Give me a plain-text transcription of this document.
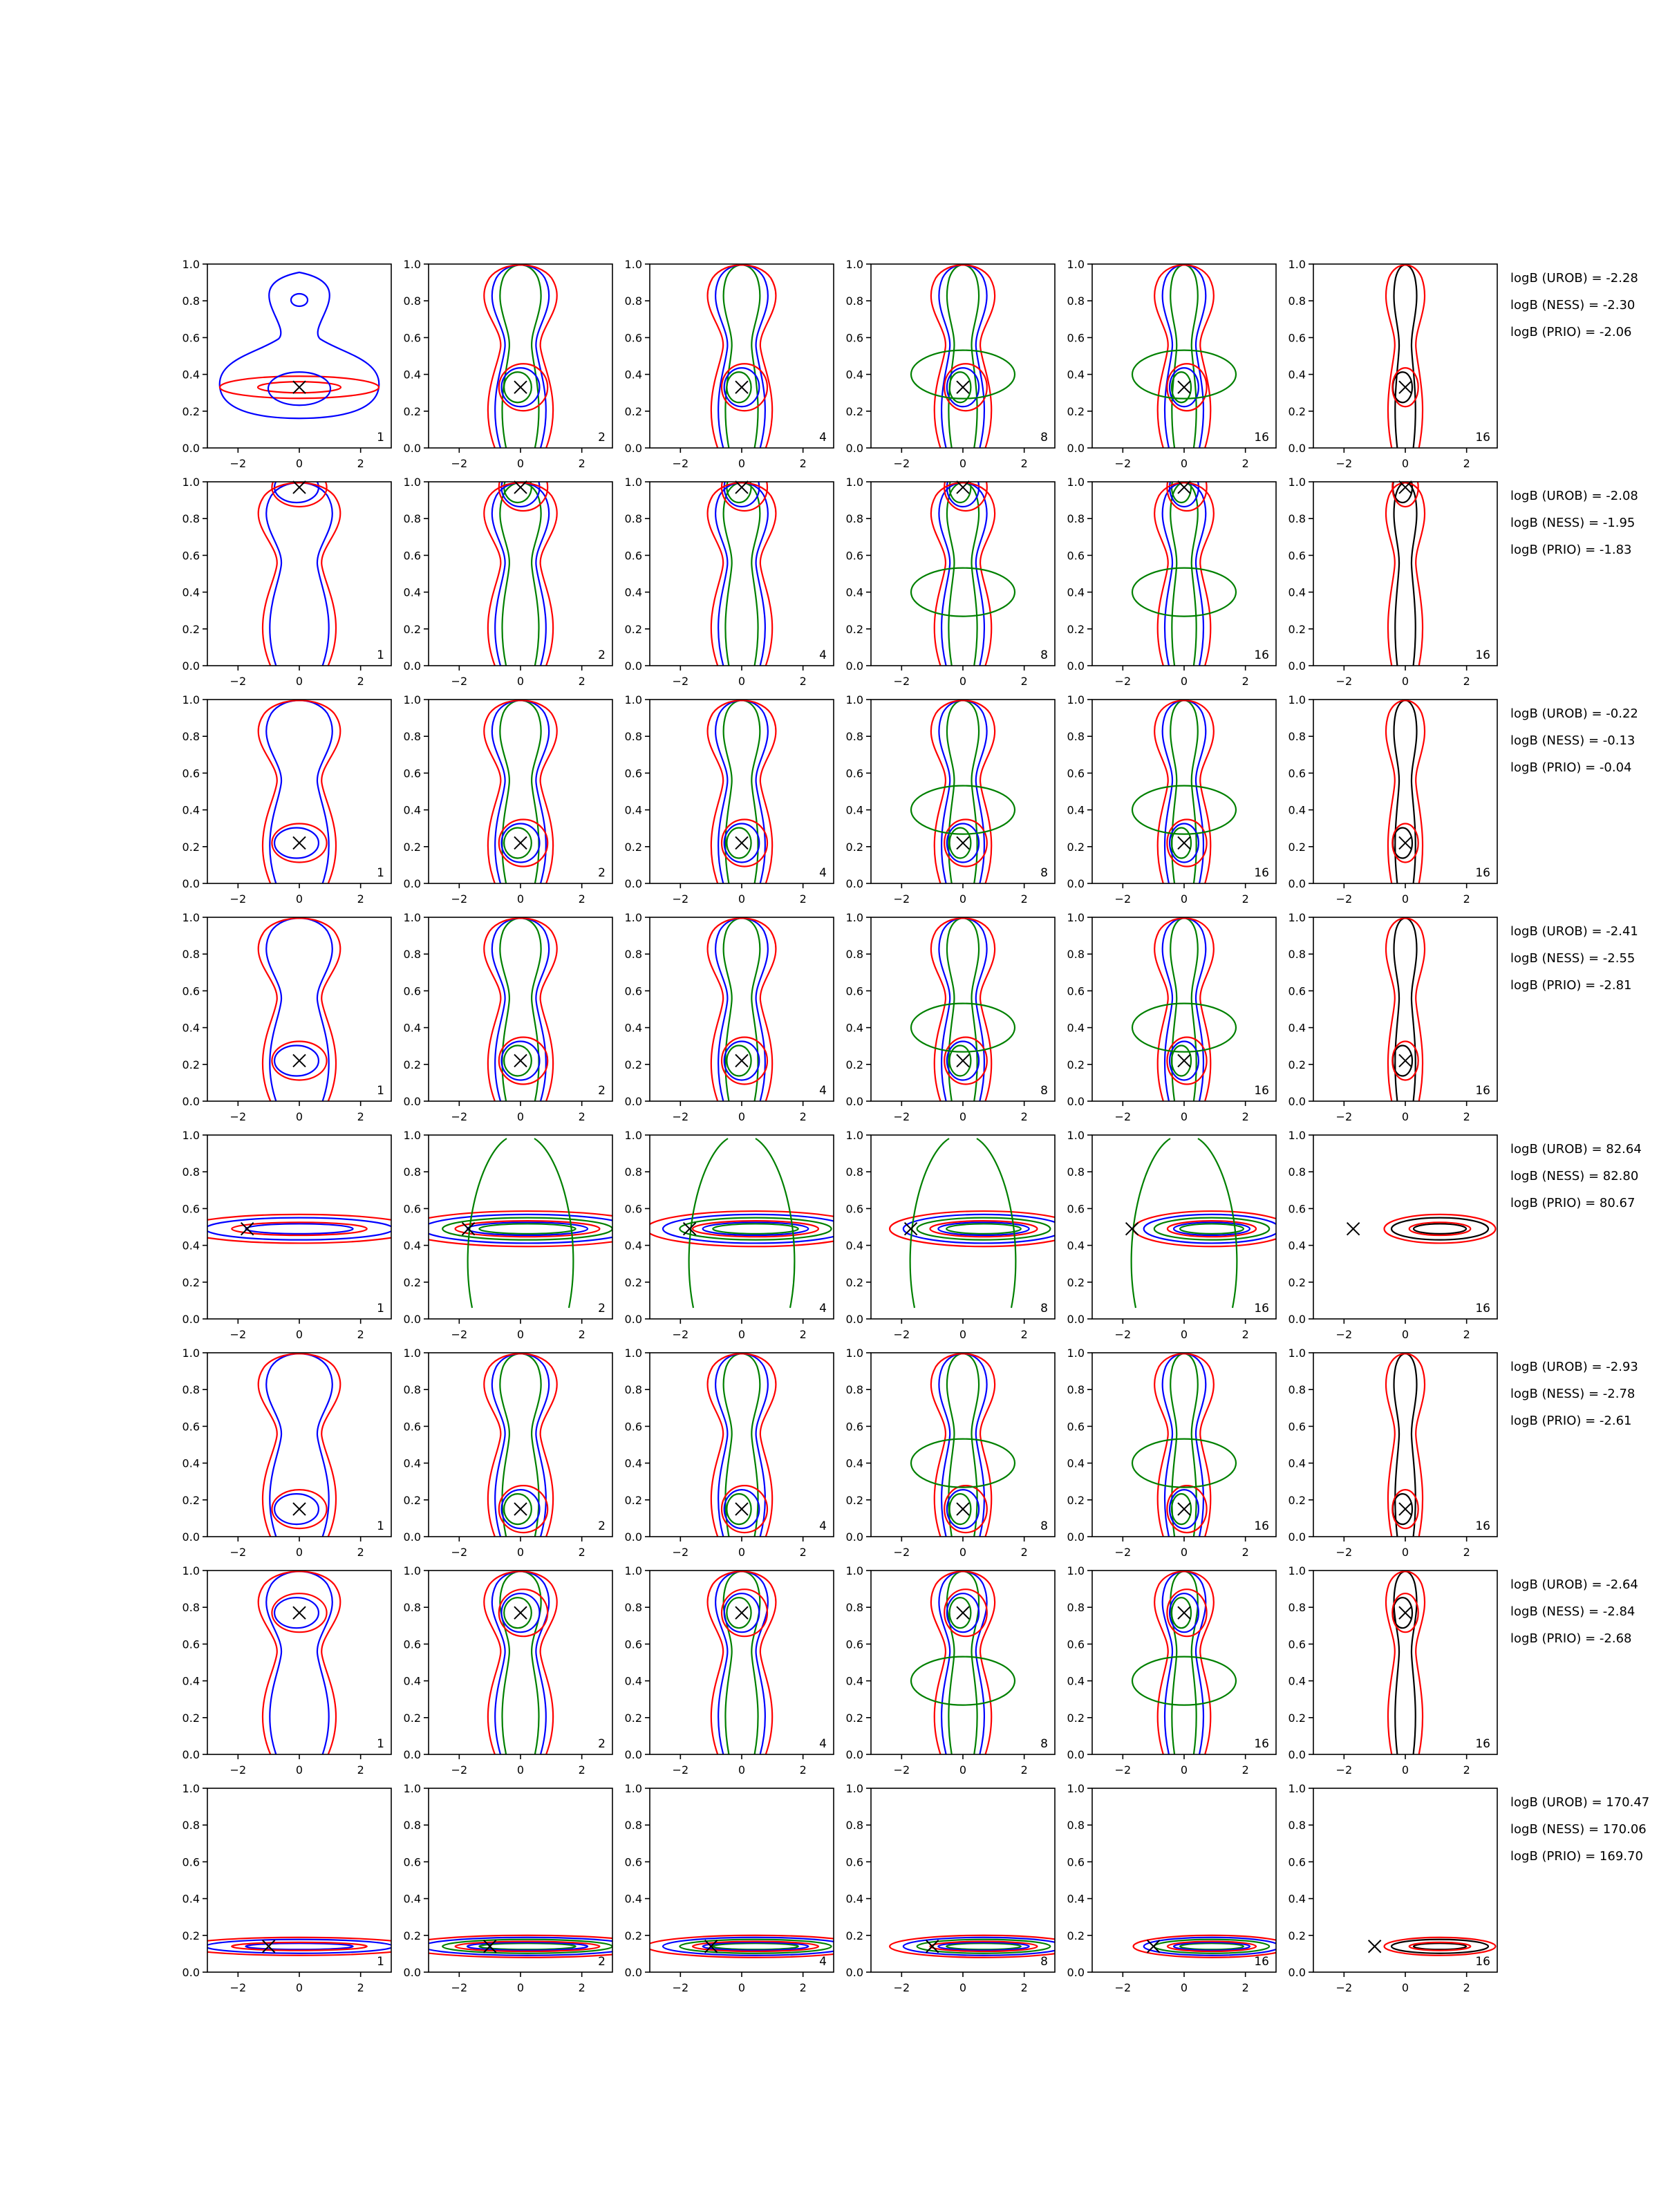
0.0
0.2
0.4
0.6
0.8
1.0
−2	0	2
1
0.0
0.2
0.4
0.6
0.8
1.0
−2	0	2
2
0.0
0.2
0.4
0.6
0.8
1.0
−2	0	2
4
0.0
0.2
0.4
0.6
0.8
1.0
−2	0	2
8
0.0
0.2
0.4
0.6
0.8
1.0
−2	0	2
16
0.0
0.2
0.4
0.6
0.8
1.0
−2	0	2
16
logB (UROB) = -2.28
logB (NESS) = -2.30
logB (PRIO) = -2.06
0.0
0.2
0.4
0.6
0.8
1.0
−2	0	2
1
0.0
0.2
0.4
0.6
0.8
1.0
−2	0	2
2
0.0
0.2
0.4
0.6
0.8
1.0
−2	0	2
4
0.0
0.2
0.4
0.6
0.8
1.0
−2	0	2
8
0.0
0.2
0.4
0.6
0.8
1.0
−2	0	2
16
0.0
0.2
0.4
0.6
0.8
1.0
−2	0	2
16
logB (UROB) = -2.08
logB (NESS) = -1.95
logB (PRIO) = -1.83
0.0
0.2
0.4
0.6
0.8
1.0
−2	0	2
1
0.0
0.2
0.4
0.6
0.8
1.0
−2	0	2
2
0.0
0.2
0.4
0.6
0.8
1.0
−2	0	2
4
0.0
0.2
0.4
0.6
0.8
1.0
−2	0	2
8
0.0
0.2
0.4
0.6
0.8
1.0
−2	0	2
16
0.0
0.2
0.4
0.6
0.8
1.0
−2	0	2
16
logB (UROB) = -0.22
logB (NESS) = -0.13
logB (PRIO) = -0.04
0.0
0.2
0.4
0.6
0.8
1.0
−2	0	2
1
0.0
0.2
0.4
0.6
0.8
1.0
−2	0	2
2
0.0
0.2
0.4
0.6
0.8
1.0
−2	0	2
4
0.0
0.2
0.4
0.6
0.8
1.0
−2	0	2
8
0.0
0.2
0.4
0.6
0.8
1.0
−2	0	2
16
0.0
0.2
0.4
0.6
0.8
1.0
−2	0	2
16
logB (UROB) = -2.41
logB (NESS) = -2.55
logB (PRIO) = -2.81
0.0
0.2
0.4
0.6
0.8
1.0
−2	0	2
1
0.0
0.2
0.4
0.6
0.8
1.0
−2	0	2
2
0.0
0.2
0.4
0.6
0.8
1.0
−2	0	2
4
0.0
0.2
0.4
0.6
0.8
1.0
−2	0	2
8
0.0
0.2
0.4
0.6
0.8
1.0
−2	0	2
16
0.0
0.2
0.4
0.6
0.8
1.0
−2	0	2
16
logB (UROB) = 82.64
logB (NESS) = 82.80
logB (PRIO) = 80.67
0.0
0.2
0.4
0.6
0.8
1.0
−2	0	2
1
0.0
0.2
0.4
0.6
0.8
1.0
−2	0	2
2
0.0
0.2
0.4
0.6
0.8
1.0
−2	0	2
4
0.0
0.2
0.4
0.6
0.8
1.0
−2	0	2
8
0.0
0.2
0.4
0.6
0.8
1.0
−2	0	2
16
0.0
0.2
0.4
0.6
0.8
1.0
−2	0	2
16
logB (UROB) = -2.93
logB (NESS) = -2.78
logB (PRIO) = -2.61
0.0
0.2
0.4
0.6
0.8
1.0
−2	0	2
1
0.0
0.2
0.4
0.6
0.8
1.0
−2	0	2
2
0.0
0.2
0.4
0.6
0.8
1.0
−2	0	2
4
0.0
0.2
0.4
0.6
0.8
1.0
−2	0	2
8
0.0
0.2
0.4
0.6
0.8
1.0
−2	0	2
16
0.0
0.2
0.4
0.6
0.8
1.0
−2	0	2
16
logB (UROB) = -2.64
logB (NESS) = -2.84
logB (PRIO) = -2.68
0.0
0.2
0.4
0.6
0.8
1.0
−2	0	2
1
0.0
0.2
0.4
0.6
0.8
1.0
−2	0	2
2
0.0
0.2
0.4
0.6
0.8
1.0
−2	0	2
4
0.0
0.2
0.4
0.6
0.8
1.0
−2	0	2
8
0.0
0.2
0.4
0.6
0.8
1.0
−2	0	2
16
0.0
0.2
0.4
0.6
0.8
1.0
−2	0	2
16
logB (UROB) = 170.47
logB (NESS) = 170.06
logB (PRIO) = 169.70
